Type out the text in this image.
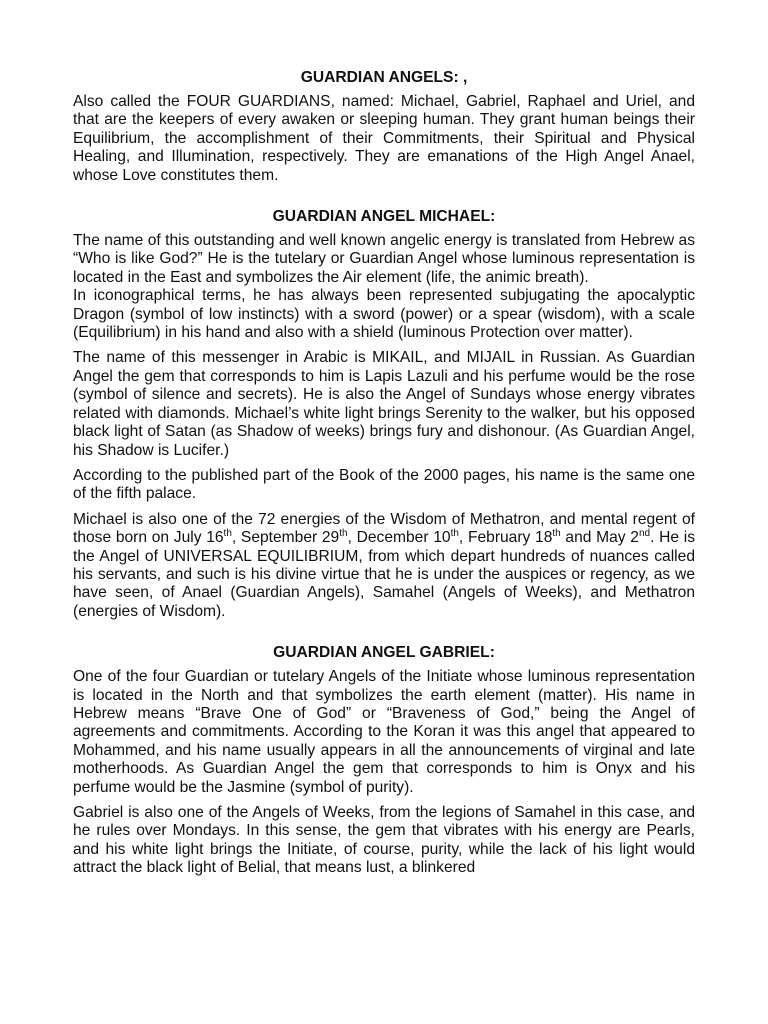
GUARDIAN ANGELS: ,

Also called the FOUR GUARDIANS, named: Michael, Gabriel, Raphael and Uriel, and that are the keepers of every awaken or sleeping human. They grant human beings their Equilibrium, the accomplishment of their Commitments, their Spiritual and Physical Healing, and Illumination, respectively. They are emanations of the High Angel Anael, whose Love constitutes them.

GUARDIAN ANGEL MICHAEL:

The name of this outstanding and well known angelic energy is translated from Hebrew as “Who is like God?” He is the tutelary or Guardian Angel whose luminous representation is located in the East and symbolizes the Air element (life, the animic breath).

In iconographical terms, he has always been represented subjugating the apocalyptic Dragon (symbol of low instincts) with a sword (power) or a spear (wisdom), with a scale (Equilibrium) in his hand and also with a shield (luminous Protection over matter).

The name of this messenger in Arabic is MIKAIL, and MIJAIL in Russian. As Guardian Angel the gem that corresponds to him is Lapis Lazuli and his perfume would be the rose (symbol of silence and secrets). He is also the Angel of Sundays whose energy vibrates related with diamonds. Michael’s white light brings Serenity to the walker, but his opposed black light of Satan (as Shadow of weeks) brings fury and dishonour. (As Guardian Angel, his Shadow is Lucifer.)

According to the published part of the Book of the 2000 pages, his name is the same one of the fifth palace.

Michael is also one of the 72 energies of the Wisdom of Methatron, and mental regent of those born on July 16th, September 29th, December 10th, February 18th and May 2nd. He is the Angel of UNIVERSAL EQUILIBRIUM, from which depart hundreds of nuances called his servants, and such is his divine virtue that he is under the auspices or regency, as we have seen, of Anael (Guardian Angels), Samahel (Angels of Weeks), and Methatron (energies of Wisdom).

GUARDIAN ANGEL GABRIEL:

One of the four Guardian or tutelary Angels of the Initiate whose luminous representation is located in the North and that symbolizes the earth element (matter). His name in Hebrew means “Brave One of God” or “Braveness of God,” being the Angel of agreements and commitments. According to the Koran it was this angel that appeared to Mohammed, and his name usually appears in all the announcements of virginal and late motherhoods. As Guardian Angel the gem that corresponds to him is Onyx and his perfume would be the Jasmine (symbol of purity).

Gabriel is also one of the Angels of Weeks, from the legions of Samahel in this case, and he rules over Mondays. In this sense, the gem that vibrates with his energy are Pearls, and his white light brings the Initiate, of course, purity, while the lack of his light would attract the black light of Belial, that means lust, a blinkered
